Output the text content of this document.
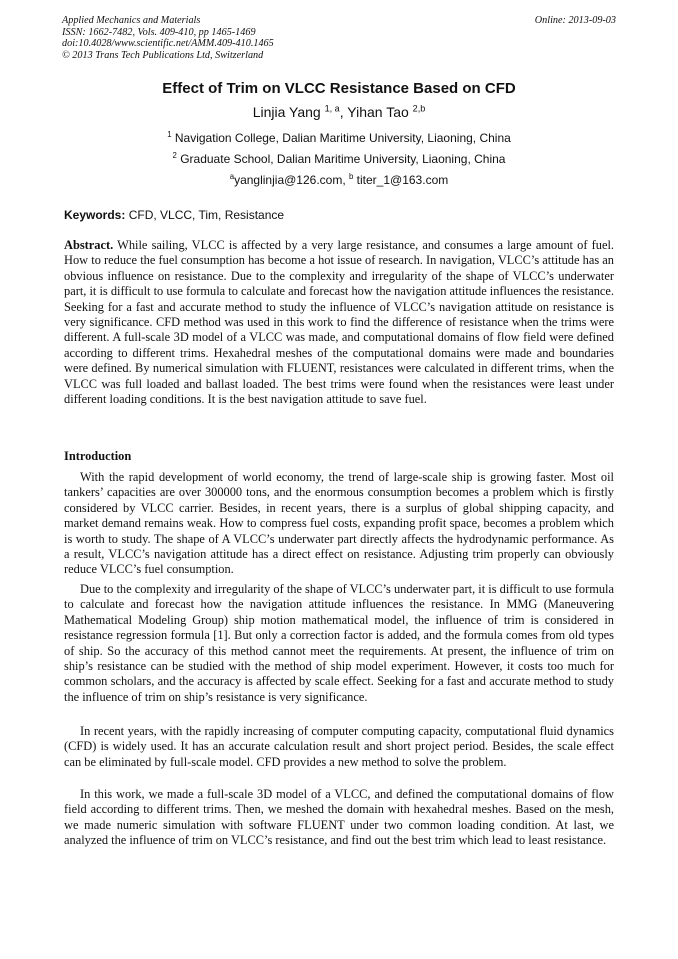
Applied Mechanics and Materials
ISSN: 1662-7482, Vols. 409-410, pp 1465-1469
doi:10.4028/www.scientific.net/AMM.409-410.1465
© 2013 Trans Tech Publications Ltd, Switzerland
Online: 2013-09-03
Effect of Trim on VLCC Resistance Based on CFD
Linjia Yang $^{1, a}$, Yihan Tao $^{2,b}$
$^1$ Navigation College, Dalian Maritime University, Liaoning, China
$^2$ Graduate School, Dalian Maritime University, Liaoning, China
$^a$yanglinjia@126.com, $^b$ titer_1@163.com
Keywords: CFD, VLCC, Tim, Resistance

Abstract. While sailing, VLCC is affected by a very large resistance, and consumes a large amount of fuel. How to reduce the fuel consumption has become a hot issue of research. In navigation, VLCC’s attitude has an obvious influence on resistance. Due to the complexity and irregularity of the shape of VLCC’s underwater part, it is difficult to use formula to calculate and forecast how the navigation attitude influences the resistance. Seeking for a fast and accurate method to study the influence of VLCC’s navigation attitude on resistance is very significance. CFD method was used in this work to find the difference of resistance when the trims were different. A full-scale 3D model of a VLCC was made, and computational domains of flow field were defined according to different trims. Hexahedral meshes of the computational domains were made and boundaries were defined. By numerical simulation with FLUENT, resistances were calculated in different trims, when the VLCC was full loaded and ballast loaded. The best trims were found when the resistances were least under different loading conditions. It is the best navigation attitude to save fuel.

Introduction

With the rapid development of world economy, the trend of large-scale ship is growing faster. Most oil tankers’ capacities are over 300000 tons, and the enormous consumption becomes a problem which is firstly considered by VLCC carrier. Besides, in recent years, there is a surplus of global shipping capacity, and market demand remains weak. How to compress fuel costs, expanding profit space, becomes a problem which is worth to study. The shape of A VLCC’s underwater part directly affects the hydrodynamic performance. As a result, VLCC’s navigation attitude has a direct effect on resistance. Adjusting trim properly can obviously reduce VLCC’s fuel consumption.

Due to the complexity and irregularity of the shape of VLCC’s underwater part, it is difficult to use formula to calculate and forecast how the navigation attitude influences the resistance. In MMG (Maneuvering Mathematical Modeling Group) ship motion mathematical model, the influence of trim is considered in resistance regression formula [1]. But only a correction factor is added, and the formula comes from old types of ship. So the accuracy of this method cannot meet the requirements. At present, the influence of trim on ship’s resistance can be studied with the method of ship model experiment. However, it costs too much for common scholars, and the accuracy is affected by scale effect. Seeking for a fast and accurate method to study the influence of trim on ship’s resistance is very significance.

In recent years, with the rapidly increasing of computer computing capacity, computational fluid dynamics (CFD) is widely used. It has an accurate calculation result and short project period. Besides, the scale effect can be eliminated by full-scale model. CFD provides a new method to solve the problem.

In this work, we made a full-scale 3D model of a VLCC, and defined the computational domains of flow field according to different trims. Then, we meshed the domain with hexahedral meshes. Based on the mesh, we made numeric simulation with software FLUENT under two common loading condition. At last, we analyzed the influence of trim on VLCC’s resistance, and find out the best trim which lead to least resistance.
